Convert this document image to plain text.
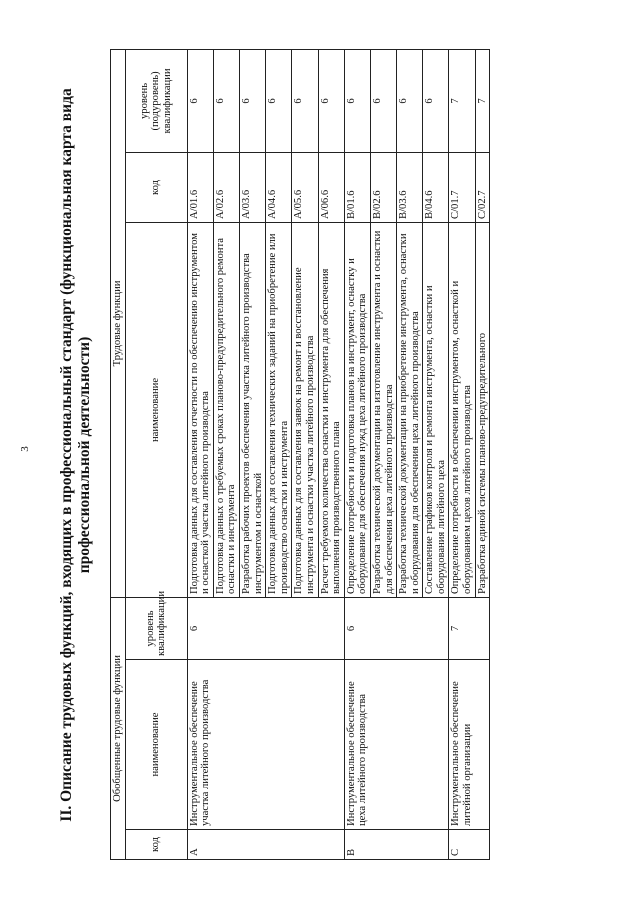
3 II. Описание трудовых функций, входящих в профессиональный стандарт (функциональная карта вида профессиональной деятельности)
Обобщенные трудовые функции			Трудовые функции		
код	наименование	уровень квалификации	наименование	код	уровень (подуровень) квалификации
A	Инструментальное обеспечение участка литейного производства	6	Подготовка данных для составления отчетности по обеспечению инструментом и оснасткой участка литейного производства	A/01.6	6
			Подготовка данных о требуемых сроках планово-предупредительного ремонта оснастки и инструмента	A/02.6	6
			Разработка рабочих проектов обеспечения участка литейного производства инструментом и оснасткой	A/03.6	6
			Подготовка данных для составления технических заданий на приобретение или производство оснастки и инструмента	A/04.6	6
			Подготовка данных для составления заявок на ремонт и восстановление инструмента и оснастки участка литейного производства	A/05.6	6
			Расчет требуемого количества оснастки и инструмента для обеспечения выполнения производственного плана	A/06.6	6
B	Инструментальное обеспечение цеха литейного производства	6	Определение потребности и подготовка планов на инструмент, оснастку и оборудование для обеспечения нужд цеха литейного производства	B/01.6	6
			Разработка технической документации на изготовление инструмента и оснастки для обеспечения цеха литейного производства	B/02.6	6
			Разработка технической документации на приобретение инструмента, оснастки и оборудования для обеспечения цеха литейного производства	B/03.6	6
			Составление графиков контроля и ремонта инструмента, оснастки и оборудования литейного цеха	B/04.6	6
C	Инструментальное обеспечение литейной организации	7	Определение потребности в обеспечении инструментом, оснасткой и оборудованием цехов литейного производства	C/01.7	7
			Разработка единой системы планово-предупредительного	C/02.7	7
